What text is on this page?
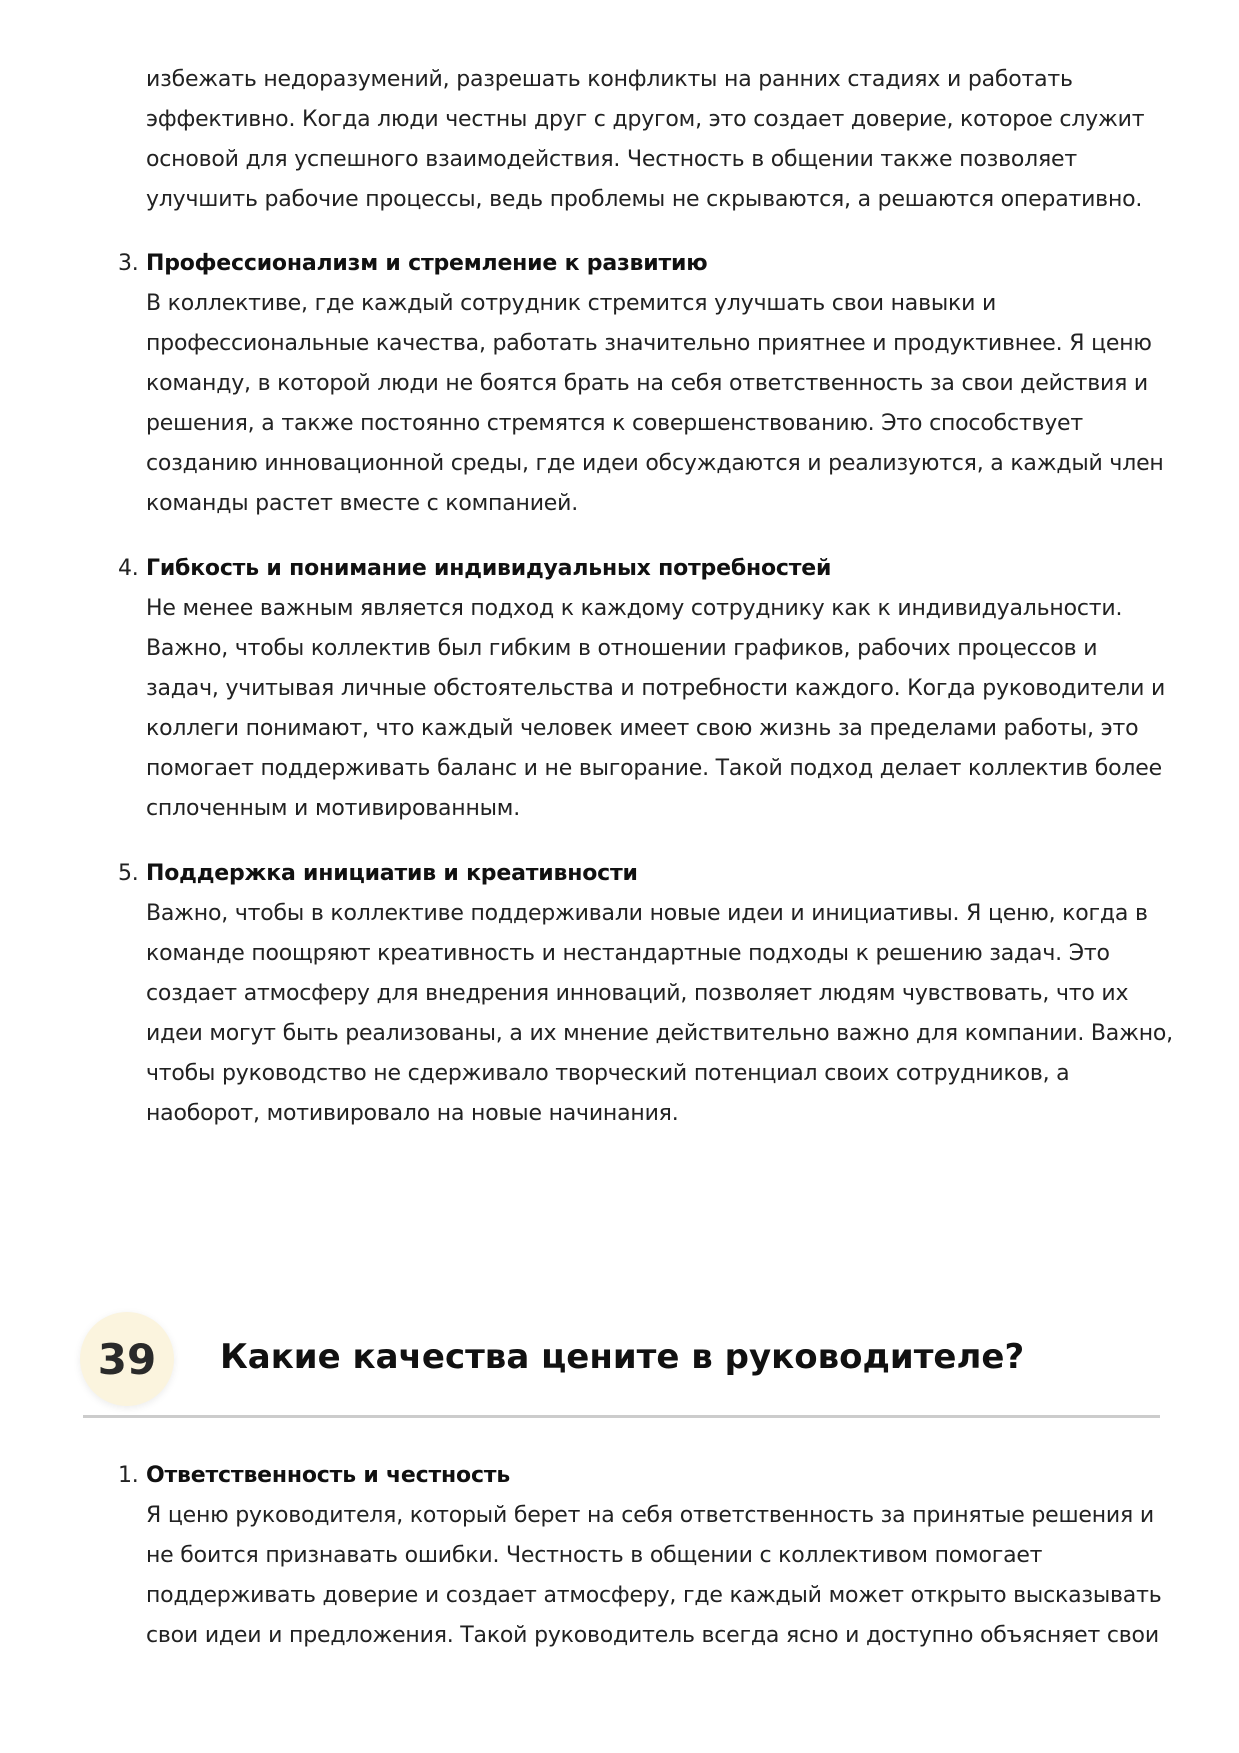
избежать недоразумений, разрешать конфликты на ранних стадиях и работать эффективно. Когда люди честны друг с другом, это создает доверие, которое служит основой для успешного взаимодействия. Честность в общении также позволяет улучшить рабочие процессы, ведь проблемы не скрываются, а решаются оперативно.

3. Профессионализм и стремление к развитию

В коллективе, где каждый сотрудник стремится улучшать свои навыки и профессиональные качества, работать значительно приятнее и продуктивнее. Я ценю команду, в которой люди не боятся брать на себя ответственность за свои действия и решения, а также постоянно стремятся к совершенствованию. Это способствует созданию инновационной среды, где идеи обсуждаются и реализуются, а каждый член команды растет вместе с компанией.

4. Гибкость и понимание индивидуальных потребностей

Не менее важным является подход к каждому сотруднику как к индивидуальности. Важно, чтобы коллектив был гибким в отношении графиков, рабочих процессов и задач, учитывая личные обстоятельства и потребности каждого. Когда руководители и коллеги понимают, что каждый человек имеет свою жизнь за пределами работы, это помогает поддерживать баланс и не выгорание. Такой подход делает коллектив более сплоченным и мотивированным.

5. Поддержка инициатив и креативности

Важно, чтобы в коллективе поддерживали новые идеи и инициативы. Я ценю, когда в команде поощряют креативность и нестандартные подходы к решению задач. Это создает атмосферу для внедрения инноваций, позволяет людям чувствовать, что их идеи могут быть реализованы, а их мнение действительно важно для компании. Важно, чтобы руководство не сдерживало творческий потенциал своих сотрудников, а наоборот, мотивировало на новые начинания.

39	Какие качества цените в руководителе?
1. Ответственность и честность

Я ценю руководителя, который берет на себя ответственность за принятые решения и не боится признавать ошибки. Честность в общении с коллективом помогает поддерживать доверие и создает атмосферу, где каждый может открыто высказывать свои идеи и предложения. Такой руководитель всегда ясно и доступно объясняет свои
